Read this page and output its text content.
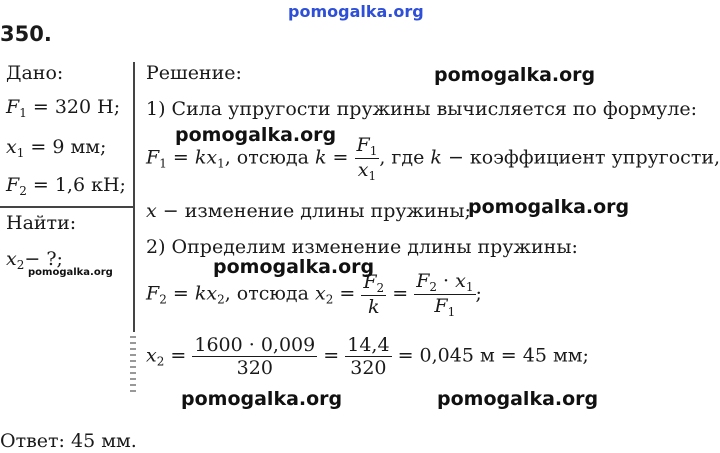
pomogalka.org
350.
Дано:
$F_1 = 320$ Н;
$x_1 = 9$ мм;
$F_2 = 1,6$ кН;
Найти:
$x_2-$ ?;
Решение:
1) Сила упругости пружины вычисляется по формуле:
$F_1 = kx_1$, отсюда $k = \frac{F_1}{x_1}$ , где k − коэффициент упругости,
x − изменение длины пружины;
2) Определим изменение длины пружины:
$F_2 = kx_2$, отсюда $x_2 = \frac{F_2}{k} = \frac{F_2 \cdot x_1}{F_1}$ ;
$x_2 = \frac{1600 \cdot 0,009}{320} = \frac{14,4}{320} = 0,045$ м = 45 мм;
Ответ: 45 мм.
pomogalka.org
pomogalka.org
pomogalka.org
pomogalka.org
pomogalka.org
pomogalka.org	pomogalka.org
